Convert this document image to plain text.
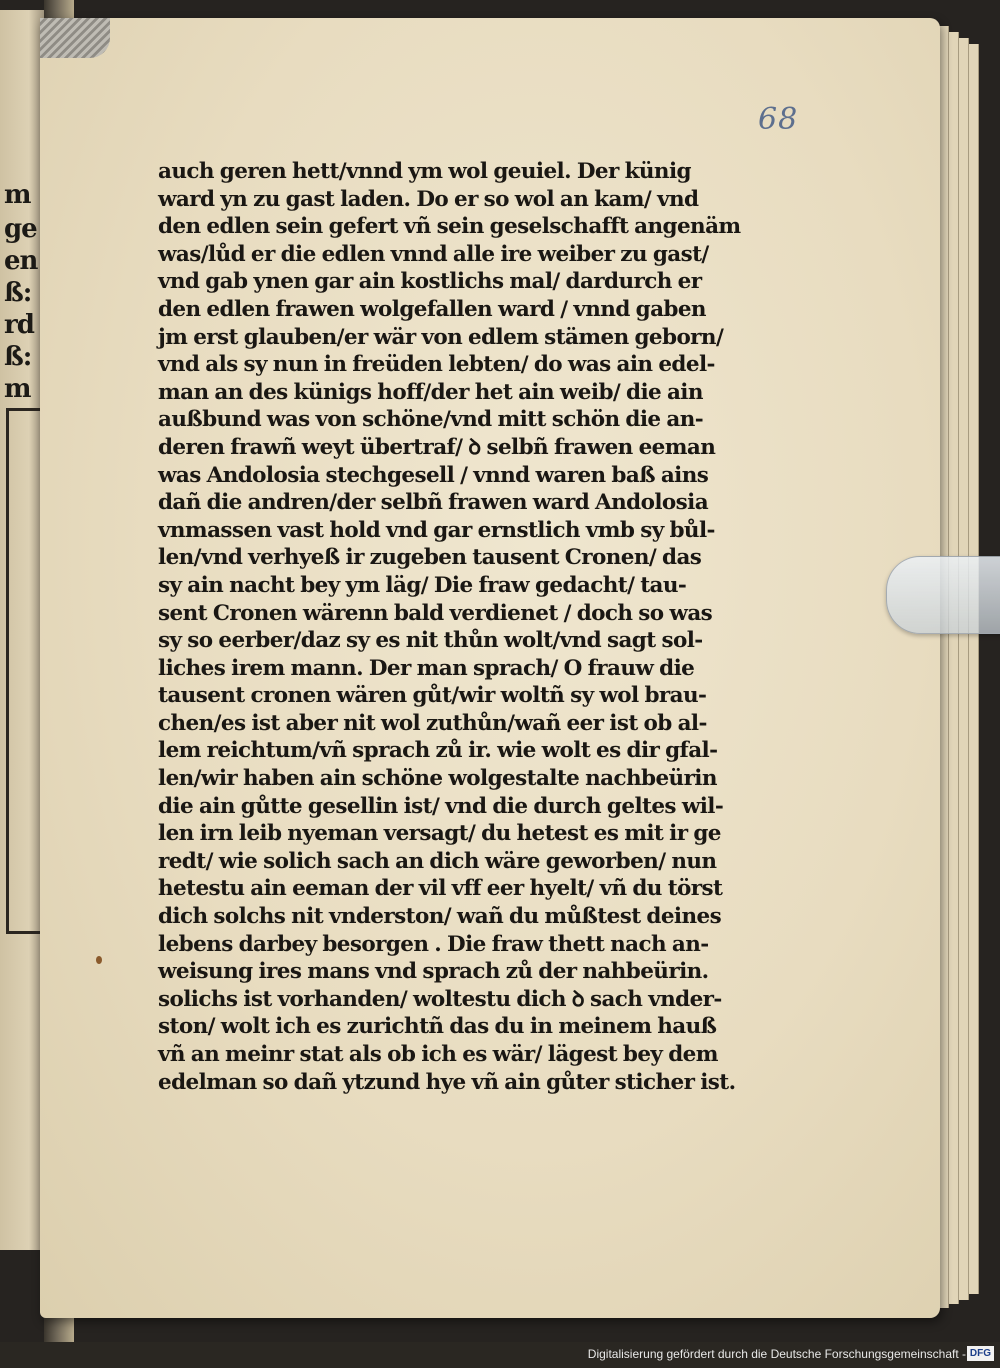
m
ge
en
ß:
rd
ß:
m
68
auch geren hett/vnnd ym wol geuiel. Der künig
ward yn zu gast laden. Do er so wol an kam/ vnd
den edlen sein gefert vñ sein geselschafft angenäm
was/lůd er die edlen vnnd alle ire weiber zu gast/
vnd gab ynen gar ain kostlichs mal/ dardurch er
den edlen frawen wolgefallen ward / vnnd gaben
jm erst glauben/er wär von edlem stämen geborn/
vnd als sy nun in freüden lebten/ do was ain edel-
man an des künigs hoff/der het ain weib/ die ain
außbund was von schöne/vnd mitt schön die an-
deren frawñ weyt übertraf/ ꝺ selbñ frawen eeman
was Andolosia stechgesell / vnnd waren baß ains
dañ die andren/der selbñ frawen ward Andolosia
vnmassen vast hold vnd gar ernstlich vmb sy bůl-
len/vnd verhyeß ir zugeben tausent Cronen/ das
sy ain nacht bey ym läg/ Die fraw gedacht/ tau-
sent Cronen wärenn bald verdienet / doch so was
sy so eerber/daz sy es nit thůn wolt/vnd sagt sol-
liches irem mann. Der man sprach/ O frauw die
tausent cronen wären gůt/wir woltñ sy wol brau-
chen/es ist aber nit wol zuthůn/wañ eer ist ob al-
lem reichtum/vñ sprach zů ir. wie wolt es dir gfal-
len/wir haben ain schöne wolgestalte nachbeürin
die ain gůtte gesellin ist/ vnd die durch geltes wil-
len irn leib nyeman versagt/ du hetest es mit ir ge
redt/ wie solich sach an dich wäre geworben/ nun
hetestu ain eeman der vil vff eer hyelt/ vñ du törst
dich solchs nit vnderston/ wañ du můßtest deines
lebens darbey besorgen . Die fraw thett nach an-
weisung ires mans vnd sprach zů der nahbeürin.
solichs ist vorhanden/ woltestu dich ꝺ sach vnder-
ston/ wolt ich es zurichtñ das du in meinem hauß
vñ an meinr stat als ob ich es wär/ lägest bey dem
edelman so dañ ytzund hye vñ ain gůter sticher ist.
Digitalisierung gefördert durch die Deutsche Forschungsgemeinschaft - DFG
